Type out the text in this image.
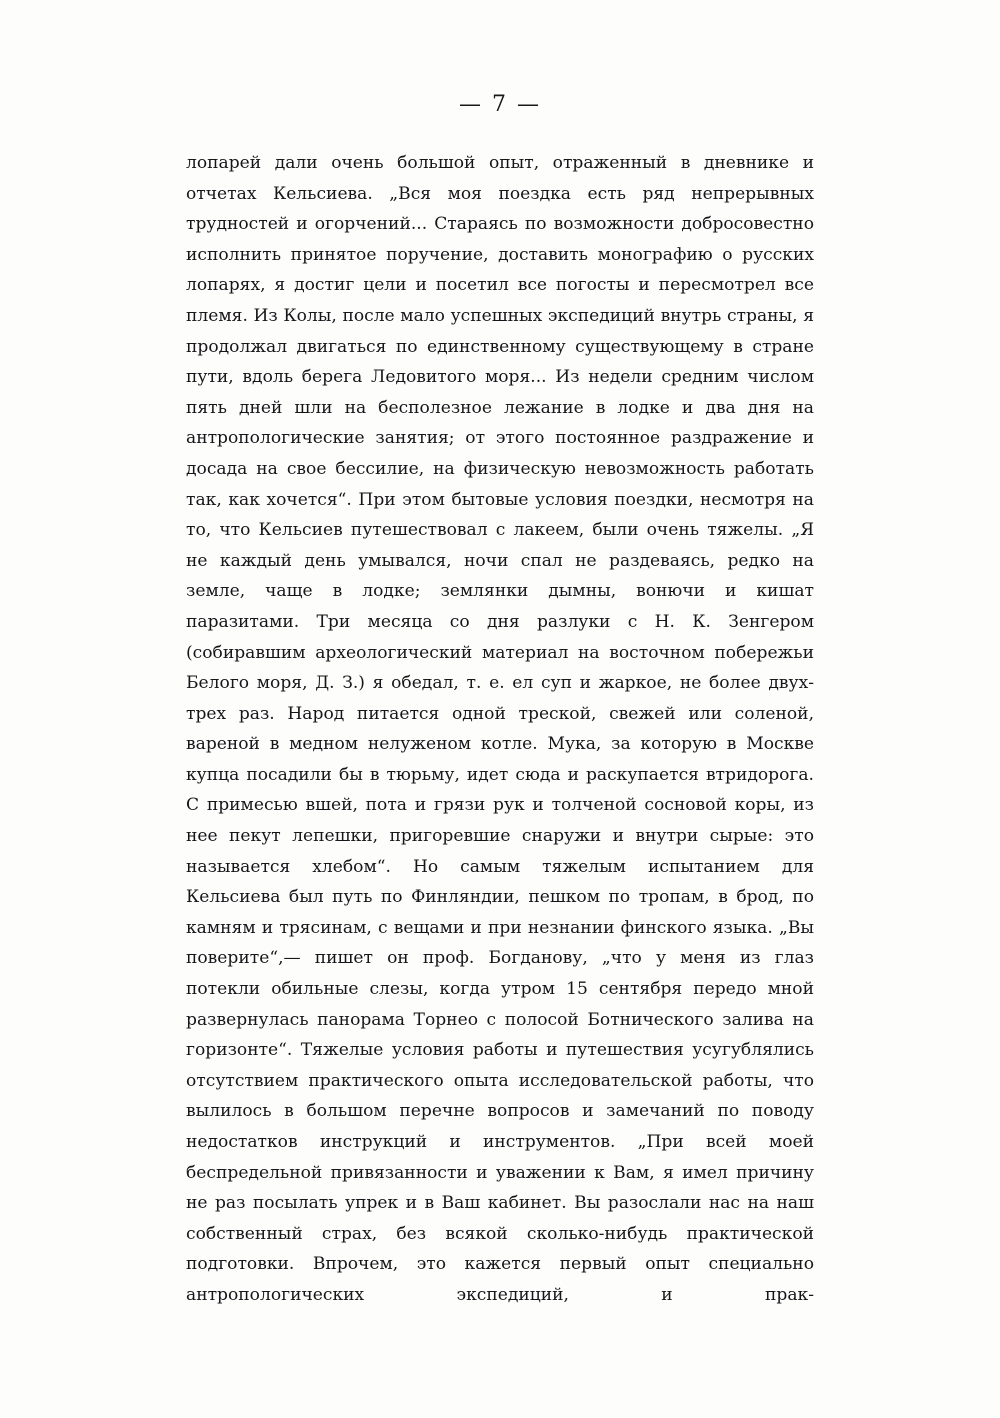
— 7 —

лопарей дали очень большой опыт, отраженный в дневнике и отчетах Кельсиева. „Вся моя поездка есть ряд непрерывных трудностей и огорчений... Стараясь по возможности добросовестно исполнить принятое поручение, доставить монографию о русских лопарях, я достиг цели и посетил все погосты и пересмотрел все племя. Из Колы, после мало успешных экспедиций внутрь страны, я продолжал двигаться по единственному существующему в стране пути, вдоль берега Ледовитого моря... Из недели средним числом пять дней шли на бесполезное лежание в лодке и два дня на антропологические занятия; от этого постоянное раздражение и досада на свое бессилие, на физическую невозможность работать так, как хочется“. При этом бытовые условия поездки, несмотря на то, что Кельсиев путешествовал с лакеем, были очень тяжелы. „Я не каждый день умывался, ночи спал не раздеваясь, редко на земле, чаще в лодке; землянки дымны, вонючи и кишат паразитами. Три месяца со дня разлуки с Н. К. Зенгером (собиравшим археологический материал на восточном побережьи Белого моря, Д. З.) я обедал, т. е. ел суп и жаркое, не более двух-трех раз. Народ питается одной треской, свежей или соленой, вареной в медном нелуженом котле. Мука, за которую в Москве купца посадили бы в тюрьму, идет сюда и раскупается втридорога. С примесью вшей, пота и грязи рук и толченой сосновой коры, из нее пекут лепешки, пригоревшие снаружи и внутри сырые: это называется хлебом“. Но самым тяжелым испытанием для Кельсиева был путь по Финляндии, пешком по тропам, в брод, по камням и трясинам, с вещами и при незнании финского языка. „Вы поверите“,— пишет он проф. Богданову, „что у меня из глаз потекли обильные слезы, когда утром 15 сентября передо мной развернулась панорама Торнео с полосой Ботнического залива на горизонте“. Тяжелые условия работы и путешествия усугублялись отсутствием практического опыта исследовательской работы, что вылилось в большом перечне вопросов и замечаний по поводу недостатков инструкций и инструментов. „При всей моей беспредельной привязанности и уважении к Вам, я имел причину не раз посылать упрек и в Ваш кабинет. Вы разослали нас на наш собственный страх, без всякой сколько-нибудь практической подготовки. Впрочем, это кажется первый опыт специально антропологических экспедиций, и прак-
